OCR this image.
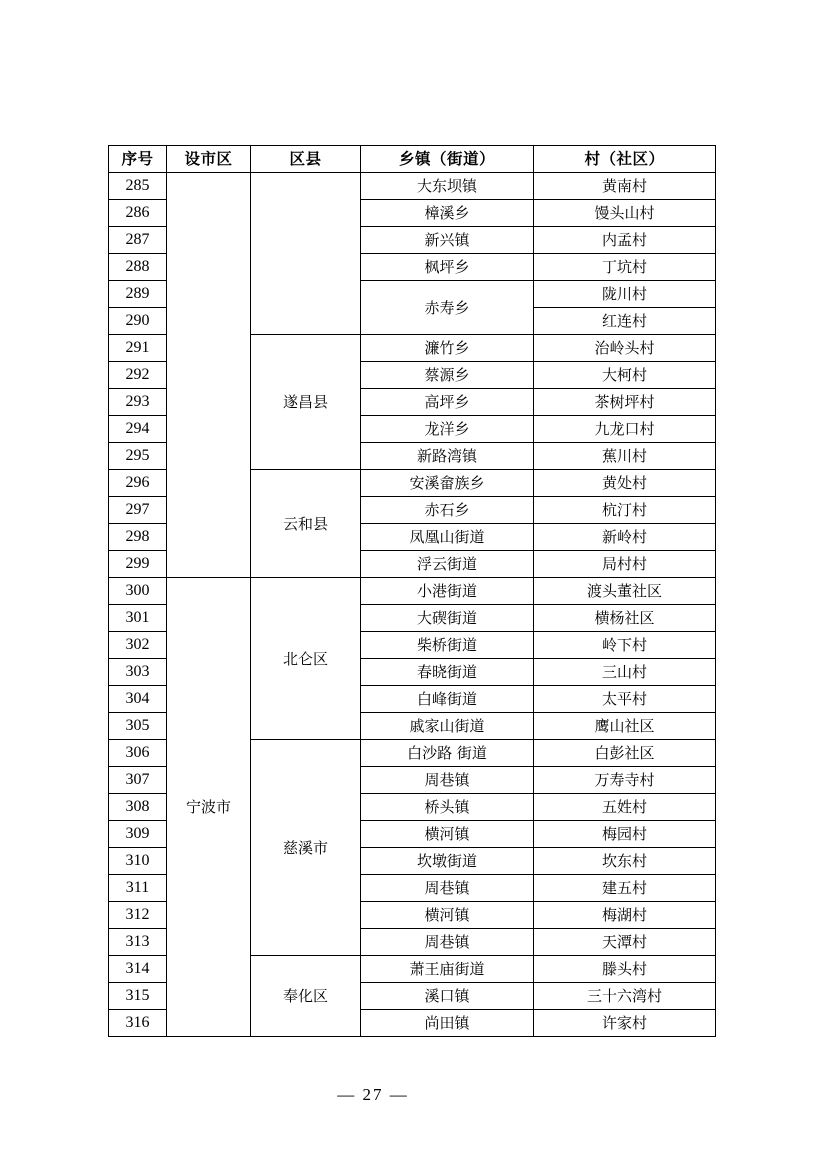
序号	设市区	区县	乡镇（街道）	村（社区）
285			大东坝镇	黄南村
286			樟溪乡	馒头山村
287			新兴镇	内孟村
288			枫坪乡	丁坑村
289			赤寿乡	陇川村
290				红连村
291		遂昌县	濂竹乡	治岭头村
292			蔡源乡	大柯村
293			高坪乡	茶树坪村
294			龙洋乡	九龙口村
295			新路湾镇	蕉川村
296		云和县	安溪畲族乡	黄处村
297			赤石乡	杭汀村
298			凤凰山街道	新岭村
299			浮云街道	局村村
300	宁波市	北仑区	小港街道	渡头董社区
301			大碶街道	横杨社区
302			柴桥街道	岭下村
303			春晓街道	三山村
304			白峰街道	太平村
305			戚家山街道	鹰山社区
306		慈溪市	白沙路 街道	白彭社区
307			周巷镇	万寿寺村
308			桥头镇	五姓村
309			横河镇	梅园村
310			坎墩街道	坎东村
311			周巷镇	建五村
312			横河镇	梅湖村
313			周巷镇	天潭村
314		奉化区	萧王庙街道	滕头村
315			溪口镇	三十六湾村
316			尚田镇	许家村
— 27 —
